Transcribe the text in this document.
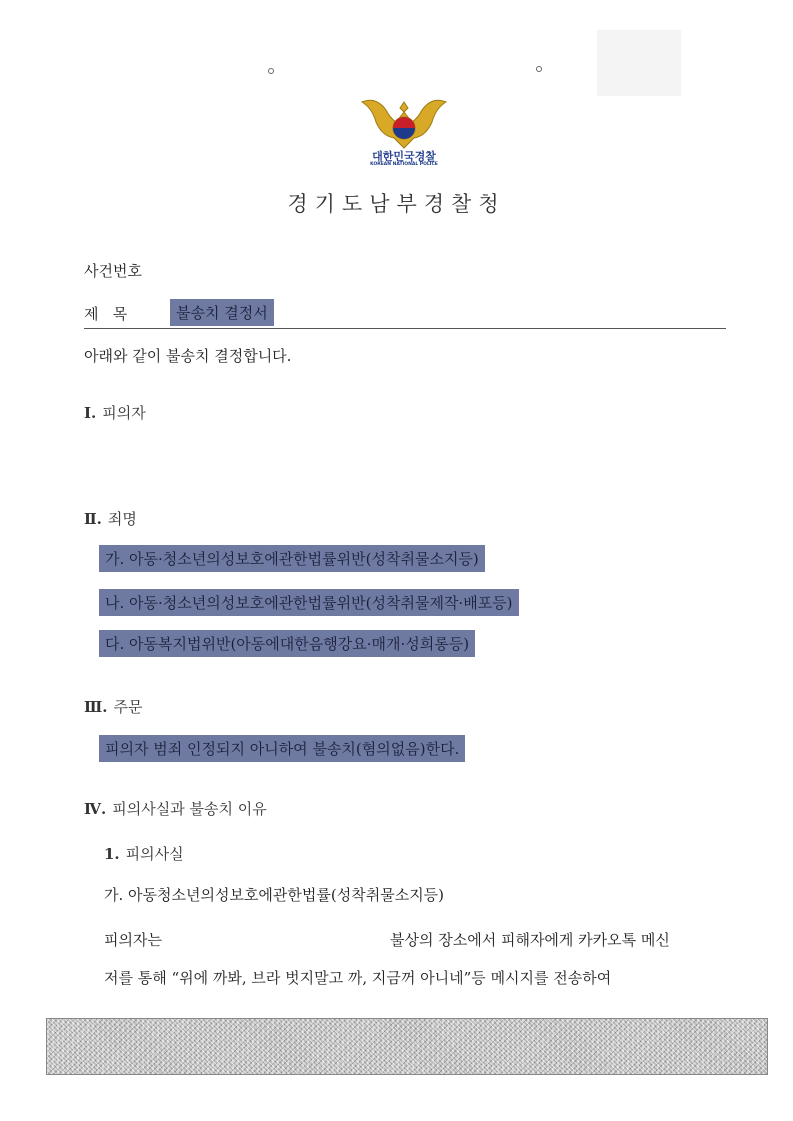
대한민국경찰
KOREAN NATIONAL POLICE
경기도남부경찰청
사건번호
제   목	불송치 결정서
아래와 같이 불송치 결정합니다.
Ⅰ. 피의자
Ⅱ. 죄명
가. 아동·청소년의성보호에관한법률위반(성착취물소지등)
나. 아동·청소년의성보호에관한법률위반(성착취물제작·배포등)
다. 아동복지법위반(아동에대한음행강요·매개·성희롱등)
Ⅲ. 주문
피의자 범죄 인정되지 아니하여 불송치(혐의없음)한다.
Ⅳ. 피의사실과 불송치 이유
1. 피의사실
가. 아동청소년의성보호에관한법률(성착취물소지등)
피의자는	불상의 장소에서 피해자에게 카카오톡 메신
저를 통해 “위에 까봐, 브라 벗지말고 까, 지금꺼 아니네”등 메시지를 전송하여
